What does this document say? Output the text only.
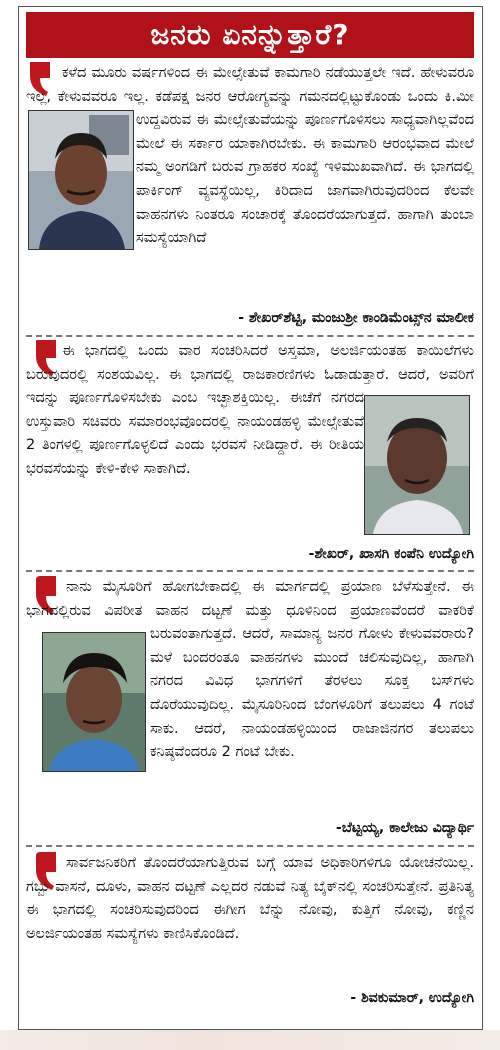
ಜನರು ಏನನ್ನುತ್ತಾರೆ?
ಕಳೆದ ಮೂರು ವರ್ಷಗಳಿಂದ ಈ ಮೇಲ್ಸೇತುವೆ ಕಾಮಗಾರಿ ನಡೆಯುತ್ತಲೇ ಇದೆ. ಹೇಳುವರೂ ಇಲ್ಲ, ಕೇಳುವವರೂ ಇಲ್ಲ. ಕಡೆಪಕ್ಷ ಜನರ ಆರೋಗ್ಯವನ್ನು ಗಮನದಲ್ಲಿಟ್ಟುಕೊಂಡು ಒಂದು ಕಿ.ಮೀ ಉದ್ದವಿರುವ ಈ ಮೇಲ್ಸೇತುವೆಯನ್ನು ಪೂರ್ಣಗೊಳಿಸಲು ಸಾಧ್ಯವಾಗಿಲ್ಲವೆಂದ ಮೇಲೆ ಈ ಸರ್ಕಾರ ಯಾಕಾಗಿರಬೇಕು. ಈ ಕಾಮಗಾರಿ ಆರಂಭವಾದ ಮೇಲೆ ನಮ್ಮ ಅಂಗಡಿಗೆ ಬರುವ ಗ್ರಾಹಕರ ಸಂಖ್ಯೆ ಇಳಿಮುಖವಾಗಿದೆ. ಈ ಭಾಗದಲ್ಲಿ ಪಾರ್ಕಿಂಗ್ ವ್ಯವಸ್ಥೆಯಿಲ್ಲ, ಕಿರಿದಾದ ಜಾಗವಾಗಿರುವುದರಿಂದ ಕೆಲವೇ ವಾಹನಗಳು ನಿಂತರೂ ಸಂಚಾರಕ್ಕೆ ತೊಂದರೆಯಾಗುತ್ತದೆ. ಹಾಗಾಗಿ ತುಂಬಾ ಸಮಸ್ಯೆಯಾಗಿದೆ
- ಶೇಖರ್‌ಶೆಟ್ಟಿ, ಮಂಜುಶ್ರೀ ಕಾಂಡಿಮೆಂಟ್ಸ್‌ನ ಮಾಲೀಕ
ಈ ಭಾಗದಲ್ಲಿ ಒಂದು ವಾರ ಸಂಚರಿಸಿದರೆ ಅಸ್ತಮಾ, ಅಲರ್ಜಿಯಂತಹ ಕಾಯಿಲೆಗಳು ಬರುವುದರಲ್ಲಿ ಸಂಶಯವಿಲ್ಲ. ಈ ಭಾಗದಲ್ಲಿ ರಾಜಕಾರಣಿಗಳು ಓಡಾಡುತ್ತಾರೆ. ಆದರೆ, ಅವರಿಗೆ ಇದನ್ನು ಪೂರ್ಣಗೊಳಿಸಬೇಕು ಎಂಬ ಇಚ್ಛಾಶಕ್ತಿಯಿಲ್ಲ. ಈಚೆಗೆ ನಗರದ ಉಸ್ತುವಾರಿ ಸಚಿವರು ಸಮಾರಂಭವೊಂದರಲ್ಲಿ ನಾಯಂಡಹಳ್ಳಿ ಮೇಲ್ಸೇತುವೆ 2 ತಿಂಗಳಲ್ಲಿ ಪೂರ್ಣಗೊಳ್ಳಲಿದೆ ಎಂದು ಭರವಸೆ ನೀಡಿದ್ದಾರೆ. ಈ ರೀತಿಯ ಭರವಸೆಯನ್ನು ಕೇಳಿ-ಕೇಳಿ ಸಾಕಾಗಿದೆ.
-ಶೇಖರ್, ಖಾಸಗಿ ಕಂಪೆನಿ ಉದ್ಯೋಗಿ
ನಾನು ಮೈಸೂರಿಗೆ ಹೋಗಬೇಕಾದಲ್ಲಿ ಈ ಮಾರ್ಗದಲ್ಲಿ ಪ್ರಯಾಣ ಬೆಳೆಸುತ್ತೇನೆ. ಈ ಭಾಗದಲ್ಲಿರುವ ವಿಪರೀತ ವಾಹನ ದಟ್ಟಣೆ ಮತ್ತು ಧೂಳಿನಿಂದ ಪ್ರಯಾಣವೆಂದರೆ ವಾಕರಿಕೆ ಬರುವಂತಾಗುತ್ತದೆ. ಆದರೆ, ಸಾಮಾನ್ಯ ಜನರ ಗೋಳು ಕೇಳುವವರಾರು? ಮಳೆ ಬಂದರಂತೂ ವಾಹನಗಳು ಮುಂದೆ ಚಲಿಸುವುದಿಲ್ಲ, ಹಾಗಾಗಿ ನಗರದ ವಿವಿಧ ಭಾಗಗಳಿಗೆ ತೆರಳಲು ಸೂಕ್ತ ಬಸ್‌ಗಳು ದೊರೆಯುವುದಿಲ್ಲ. ಮೈಸೂರಿನಿಂದ ಬೆಂಗಳೂರಿಗೆ ತಲುಪಲು 4 ಗಂಟೆ ಸಾಕು. ಆದರೆ, ನಾಯಂಡಹಳ್ಳಿಯಿಂದ ರಾಜಾಜಿನಗರ ತಲುಪಲು ಕನಿಷ್ಠವೆಂದರೂ 2 ಗಂಟೆ ಬೇಕು.
-ಬೆಟ್ಟಯ್ಯ, ಕಾಲೇಜು ವಿದ್ಯಾರ್ಥಿ
ಸಾರ್ವಜನಿಕರಿಗೆ ತೊಂದರೆಯಾಗುತ್ತಿರುವ ಬಗ್ಗೆ ಯಾವ ಅಧಿಕಾರಿಗಳಿಗೂ ಯೋಚನೆಯಿಲ್ಲ. ಗಬ್ಬು ವಾಸನೆ, ದೂಳು, ವಾಹನ ದಟ್ಟಣೆ ಎಲ್ಲದರ ನಡುವೆ ನಿತ್ಯ ಬೈಕ್‌ನಲ್ಲಿ ಸಂಚರಿಸುತ್ತೇನೆ. ಪ್ರತಿನಿತ್ಯ ಈ ಭಾಗದಲ್ಲಿ ಸಂಚರಿಸುವುದರಿಂದ ಈಗೀಗ ಬೆನ್ನು ನೋವು, ಕುತ್ತಿಗೆ ನೋವು, ಕಣ್ಣಿನ ಅಲರ್ಜಿಯಂತಹ ಸಮಸ್ಯೆಗಳು ಕಾಣಿಸಿಕೊಂಡಿದೆ.
- ಶಿವಕುಮಾರ್, ಉದ್ಯೋಗಿ
